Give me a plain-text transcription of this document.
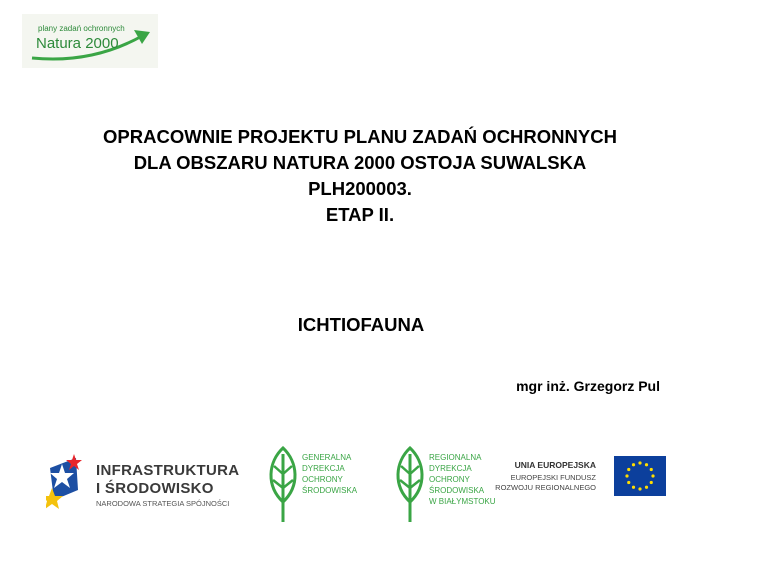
plany zadań ochronnych
Natura 2000
OPRACOWNIE PROJEKTU PLANU ZADAŃ OCHRONNYCH
DLA OBSZARU NATURA 2000 OSTOJA SUWALSKA
PLH200003.
ETAP II.
ICHTIOFAUNA
mgr inż. Grzegorz Pul
INFRASTRUKTURA
I ŚRODOWISKO
NARODOWA STRATEGIA SPÓJNOŚCI
GENERALNA
DYREKCJA
OCHRONY
ŚRODOWISKA
REGIONALNA
DYREKCJA
OCHRONY
ŚRODOWISKA
W BIAŁYMSTOKU
UNIA EUROPEJSKA
EUROPEJSKI FUNDUSZ
ROZWOJU REGIONALNEGO
